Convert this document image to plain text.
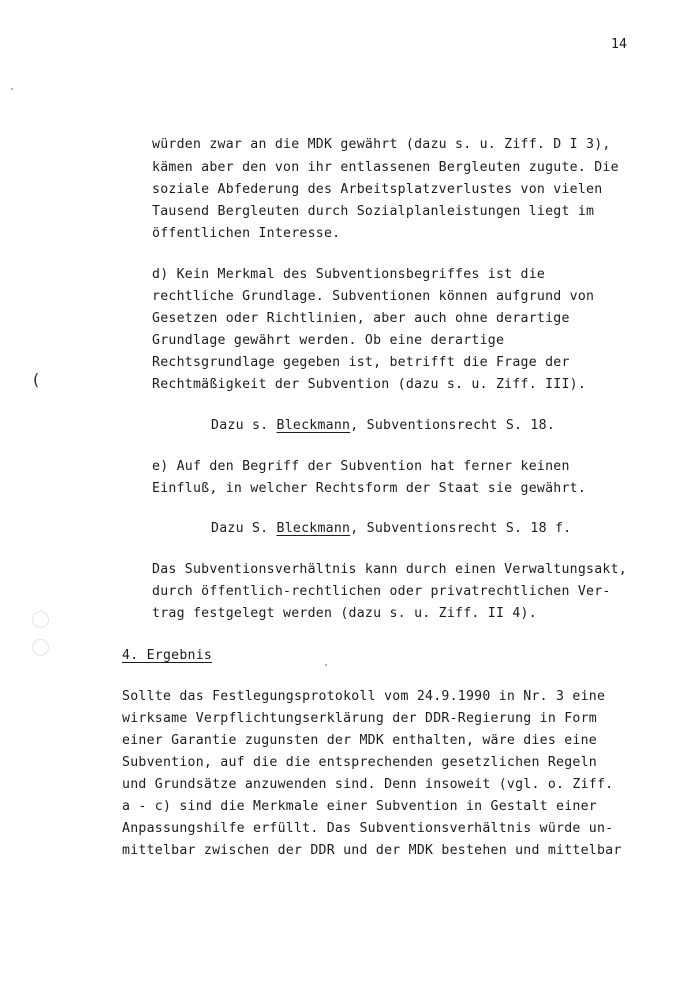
14
(
würden zwar an die MDK gewährt (dazu s. u. Ziff. D I 3),
kämen aber den von ihr entlassenen Bergleuten zugute. Die
soziale Abfederung des Arbeitsplatzverlustes von vielen
Tausend Bergleuten durch Sozialplanleistungen liegt im
öffentlichen Interesse.
d) Kein Merkmal des Subventionsbegriffes ist die
rechtliche Grundlage. Subventionen können aufgrund von
Gesetzen oder Richtlinien, aber auch ohne derartige
Grundlage gewährt werden. Ob eine derartige
Rechtsgrundlage gegeben ist, betrifft die Frage der
Rechtmäßigkeit der Subvention (dazu s. u. Ziff. III).
Dazu s. Bleckmann, Subventionsrecht S. 18.
e) Auf den Begriff der Subvention hat ferner keinen
Einfluß, in welcher Rechtsform der Staat sie gewährt.
Dazu S. Bleckmann, Subventionsrecht S. 18 f.
Das Subventionsverhältnis kann durch einen Verwaltungsakt,
durch öffentlich-rechtlichen oder privatrechtlichen Ver-
trag festgelegt werden (dazu s. u. Ziff. II 4).
4. Ergebnis
Sollte das Festlegungsprotokoll vom 24.9.1990 in Nr. 3 eine
wirksame Verpflichtungserklärung der DDR-Regierung in Form
einer Garantie zugunsten der MDK enthalten, wäre dies eine
Subvention, auf die die entsprechenden gesetzlichen Regeln
und Grundsätze anzuwenden sind. Denn insoweit (vgl. o. Ziff.
a - c) sind die Merkmale einer Subvention in Gestalt einer
Anpassungshilfe erfüllt. Das Subventionsverhältnis würde un-
mittelbar zwischen der DDR und der MDK bestehen und mittelbar
